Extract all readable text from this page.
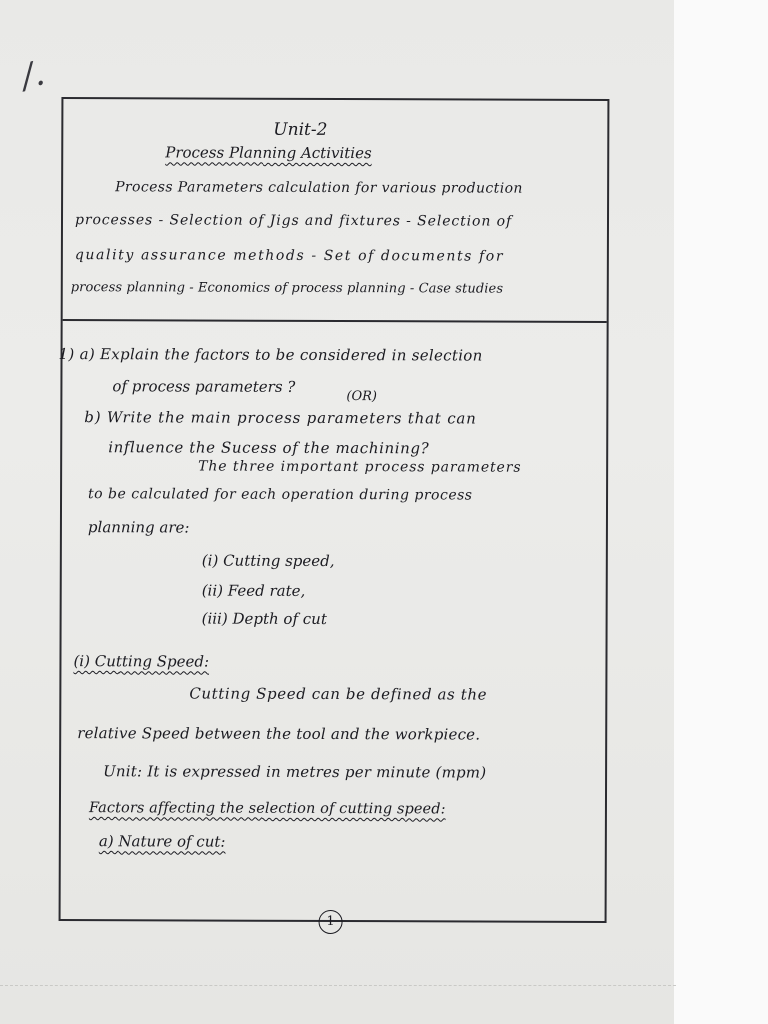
/.
Unit-2
Process Planning Activities
Process Parameters calculation for various production
processes - Selection of Jigs and fixtures - Selection of
quality assurance methods - Set of documents for
process planning - Economics of process planning - Case studies
1) a) Explain the factors to be considered in selection
of process parameters ?
(OR)
b) Write the main process parameters that can
influence the Sucess of the machining?
The three important process parameters
to be calculated for each operation during process
planning are:
(i) Cutting speed,
(ii) Feed rate,
(iii) Depth of cut
(i) Cutting Speed:
Cutting Speed can be defined as the
relative Speed between the tool and the workpiece.
Unit: It is expressed in metres per minute (mpm)
Factors affecting the selection of cutting speed:
a) Nature of cut:
1
